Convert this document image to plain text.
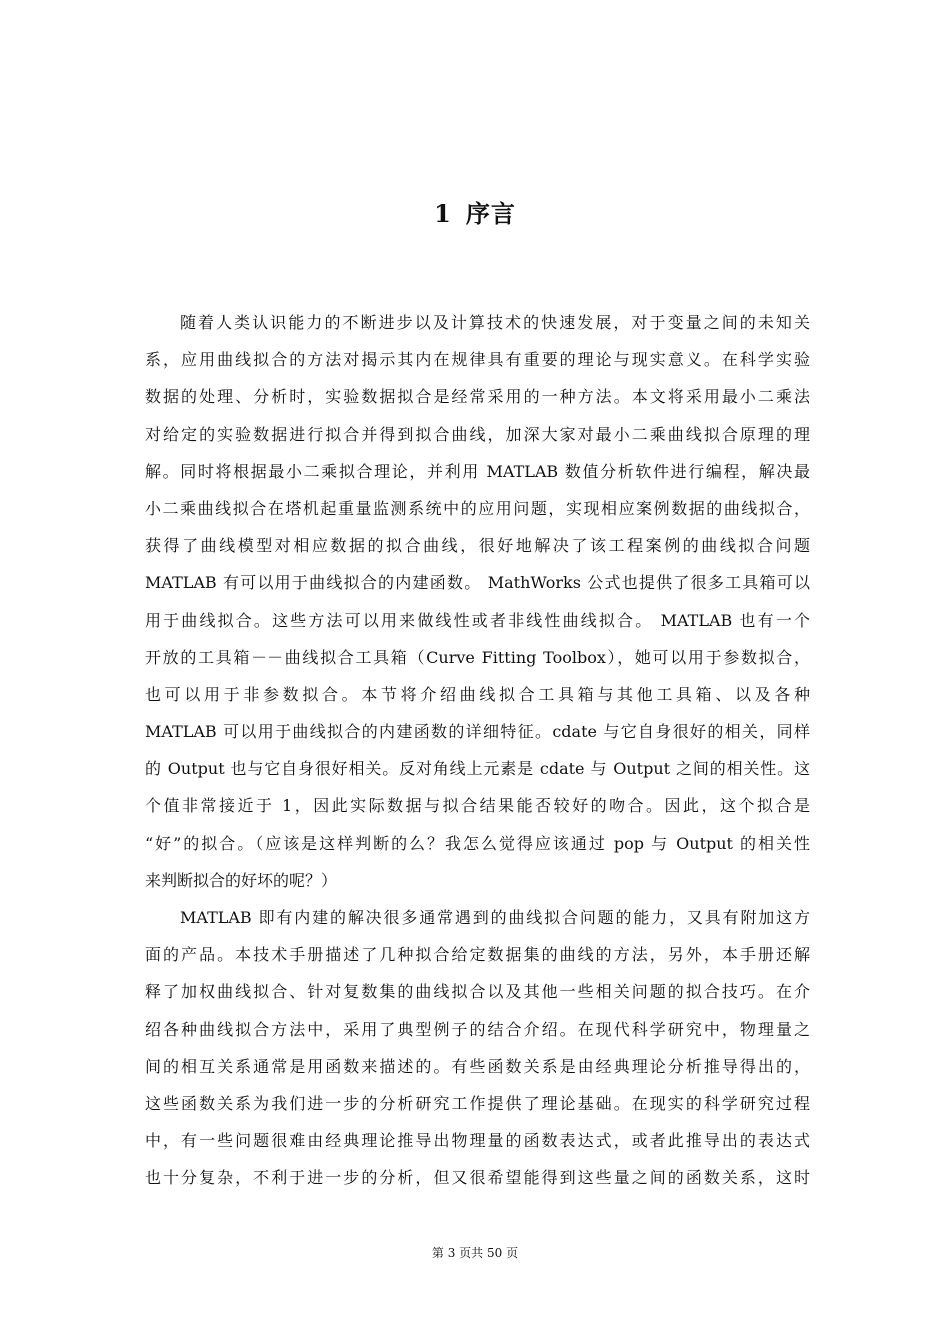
1 序言
随着人类认识能力的不断进步以及计算技术的快速发展，对于变量之间的未知关
系，应用曲线拟合的方法对揭示其内在规律具有重要的理论与现实意义。在科学实验
数据的处理、分析时，实验数据拟合是经常采用的一种方法。本文将采用最小二乘法
对给定的实验数据进行拟合并得到拟合曲线，加深大家对最小二乘曲线拟合原理的理
解。同时将根据最小二乘拟合理论，并利用 MATLAB 数值分析软件进行编程，解决最
小二乘曲线拟合在塔机起重量监测系统中的应用问题，实现相应案例数据的曲线拟合，
获得了曲线模型对相应数据的拟合曲线，很好地解决了该工程案例的曲线拟合问题
MATLAB 有可以用于曲线拟合的内建函数。 MathWorks 公式也提供了很多工具箱可以
用于曲线拟合。这些方法可以用来做线性或者非线性曲线拟合。 MATLAB 也有一个
开放的工具箱－－曲线拟合工具箱（Curve Fitting Toolbox），她可以用于参数拟合，
也可以用于非参数拟合。本节将介绍曲线拟合工具箱与其他工具箱、以及各种
MATLAB 可以用于曲线拟合的内建函数的详细特征。cdate 与它自身很好的相关，同样
的 Output 也与它自身很好相关。反对角线上元素是 cdate 与 Output 之间的相关性。这
个值非常接近于 1，因此实际数据与拟合结果能否较好的吻合。因此，这个拟合是
“好”的拟合。（应该是这样判断的么？我怎么觉得应该通过 pop 与 Output 的相关性
来判断拟合的好坏的呢？）
MATLAB 即有内建的解决很多通常遇到的曲线拟合问题的能力，又具有附加这方
面的产品。本技术手册描述了几种拟合给定数据集的曲线的方法，另外，本手册还解
释了加权曲线拟合、针对复数集的曲线拟合以及其他一些相关问题的拟合技巧。在介
绍各种曲线拟合方法中，采用了典型例子的结合介绍。在现代科学研究中，物理量之
间的相互关系通常是用函数来描述的。有些函数关系是由经典理论分析推导得出的，
这些函数关系为我们进一步的分析研究工作提供了理论基础。在现实的科学研究过程
中，有一些问题很难由经典理论推导出物理量的函数表达式，或者此推导出的表达式
也十分复杂，不利于进一步的分析，但又很希望能得到这些量之间的函数关系，这时
第 3 页共 50 页
